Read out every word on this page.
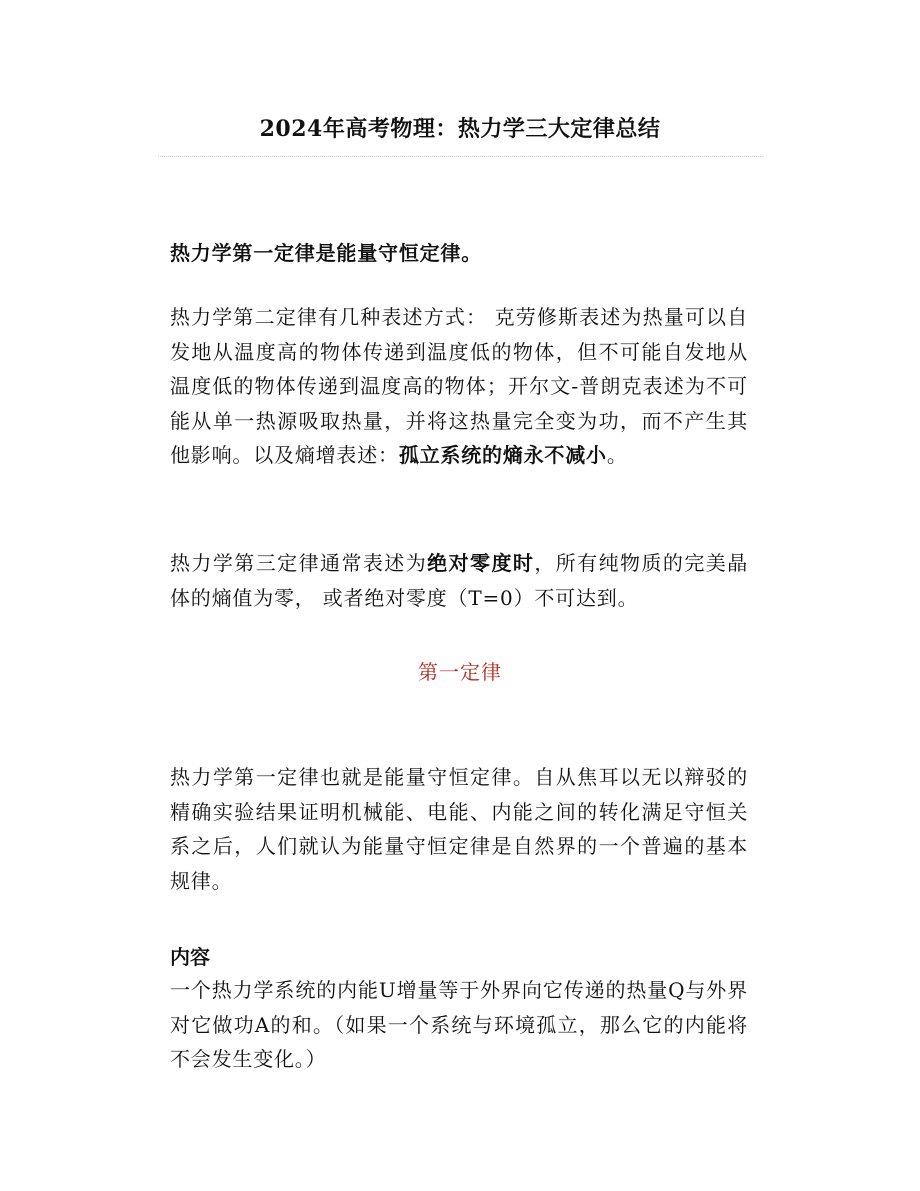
2024年高考物理：热力学三大定律总结

热力学第一定律是能量守恒定律。

热力学第二定律有几种表述方式： 克劳修斯表述为热量可以自发地从温度高的物体传递到温度低的物体，但不可能自发地从温度低的物体传递到温度高的物体；开尔文-普朗克表述为不可能从单一热源吸取热量，并将这热量完全变为功，而不产生其他影响。以及熵增表述：孤立系统的熵永不减小。

热力学第三定律通常表述为绝对零度时，所有纯物质的完美晶体的熵值为零， 或者绝对零度（T=0）不可达到。

第一定律

热力学第一定律也就是能量守恒定律。自从焦耳以无以辩驳的精确实验结果证明机械能、电能、内能之间的转化满足守恒关系之后，人们就认为能量守恒定律是自然界的一个普遍的基本规律。

内容

一个热力学系统的内能U增量等于外界向它传递的热量Q与外界对它做功A的和。（如果一个系统与环境孤立，那么它的内能将不会发生变化。）
